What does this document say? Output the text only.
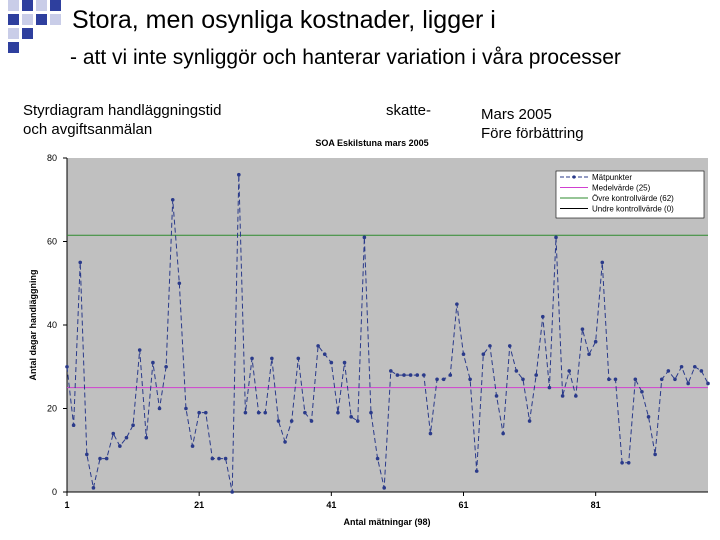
Stora, men osynliga kostnader, ligger i
- att vi inte synliggör och hanterar variation i våra processer
Styrdiagram handläggningstid
och avgiftsanmälan
skatte-	Mars 2005
Före förbättring
SOA Eskilstuna mars 2005
0
20
40
60
80
1	21	41	61	81
Antal mätningar (98)
Antal dagar handläggning
Mätpunkter
Medelvärde (25)
Övre kontrollvärde (62)
Undre kontrollvärde (0)
